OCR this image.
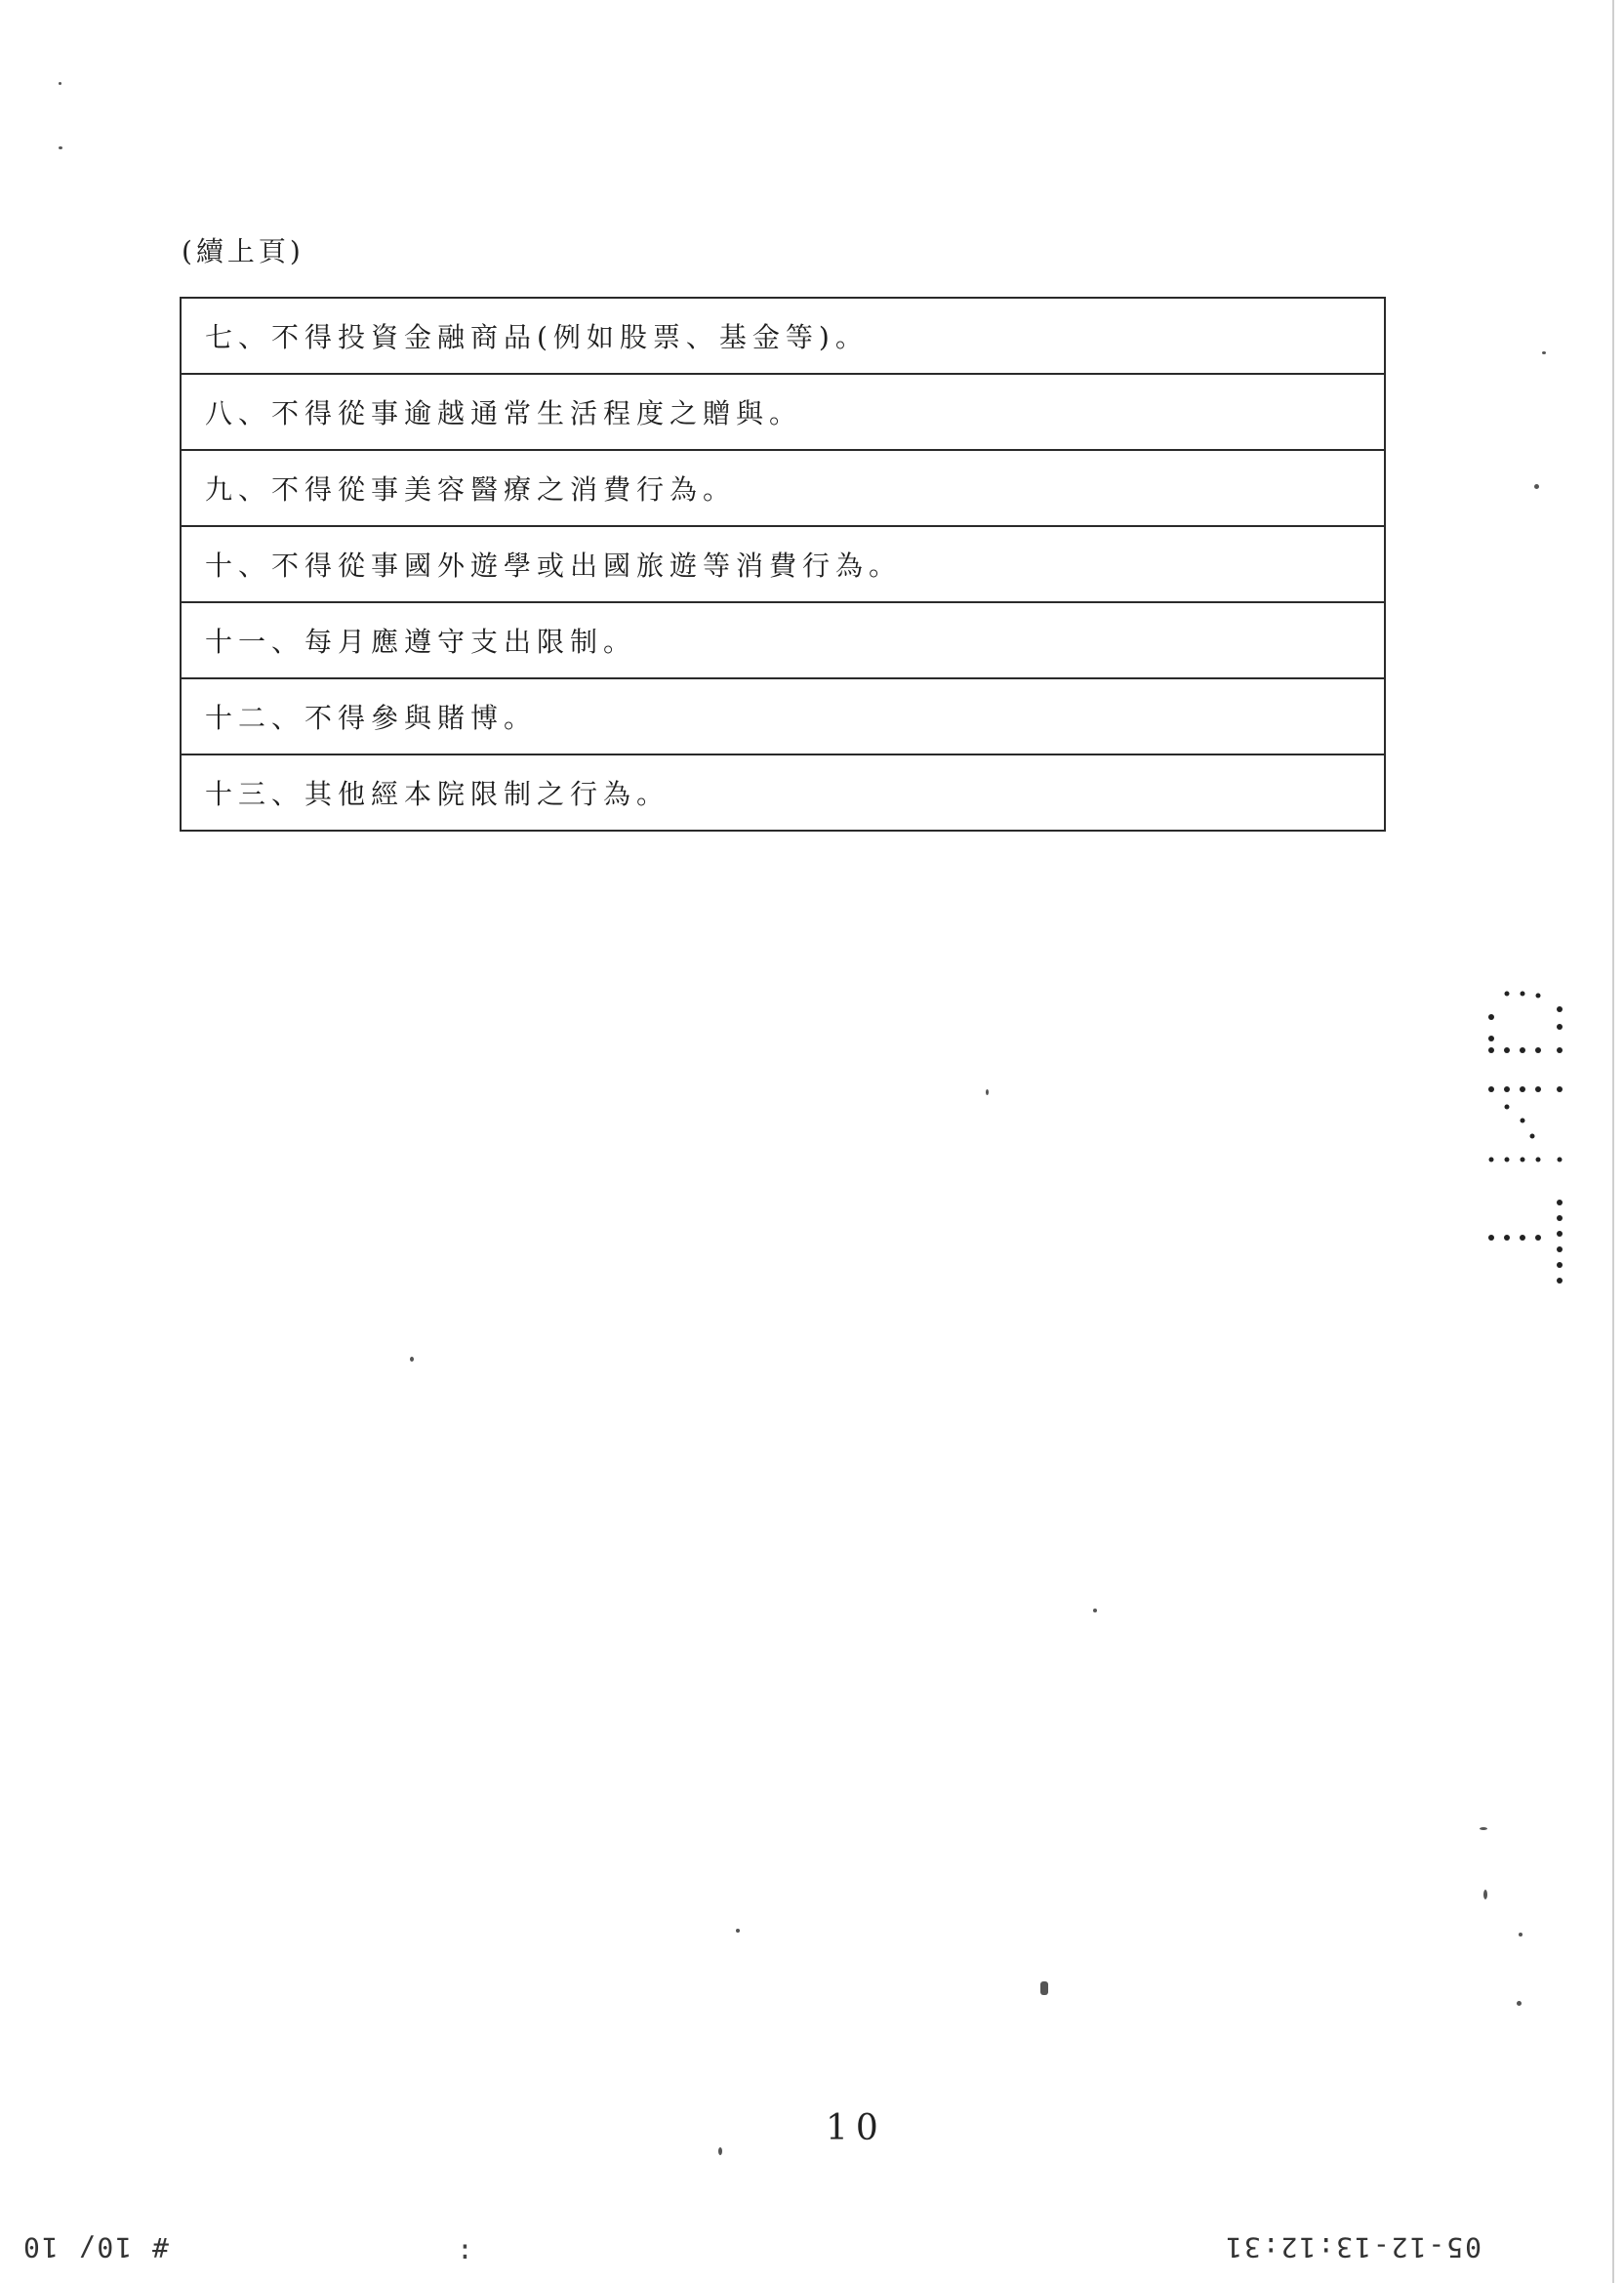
(續上頁)
七、不得投資金融商品(例如股票、基金等)。
八、不得從事逾越通常生活程度之贈與。
九、不得從事美容醫療之消費行為。
十、不得從事國外遊學或出國旅遊等消費行為。
十一、每月應遵守支出限制。
十二、不得參與賭博。
十三、其他經本院限制之行為。
10
# 10/ 10	:	05-12-13:12:31
